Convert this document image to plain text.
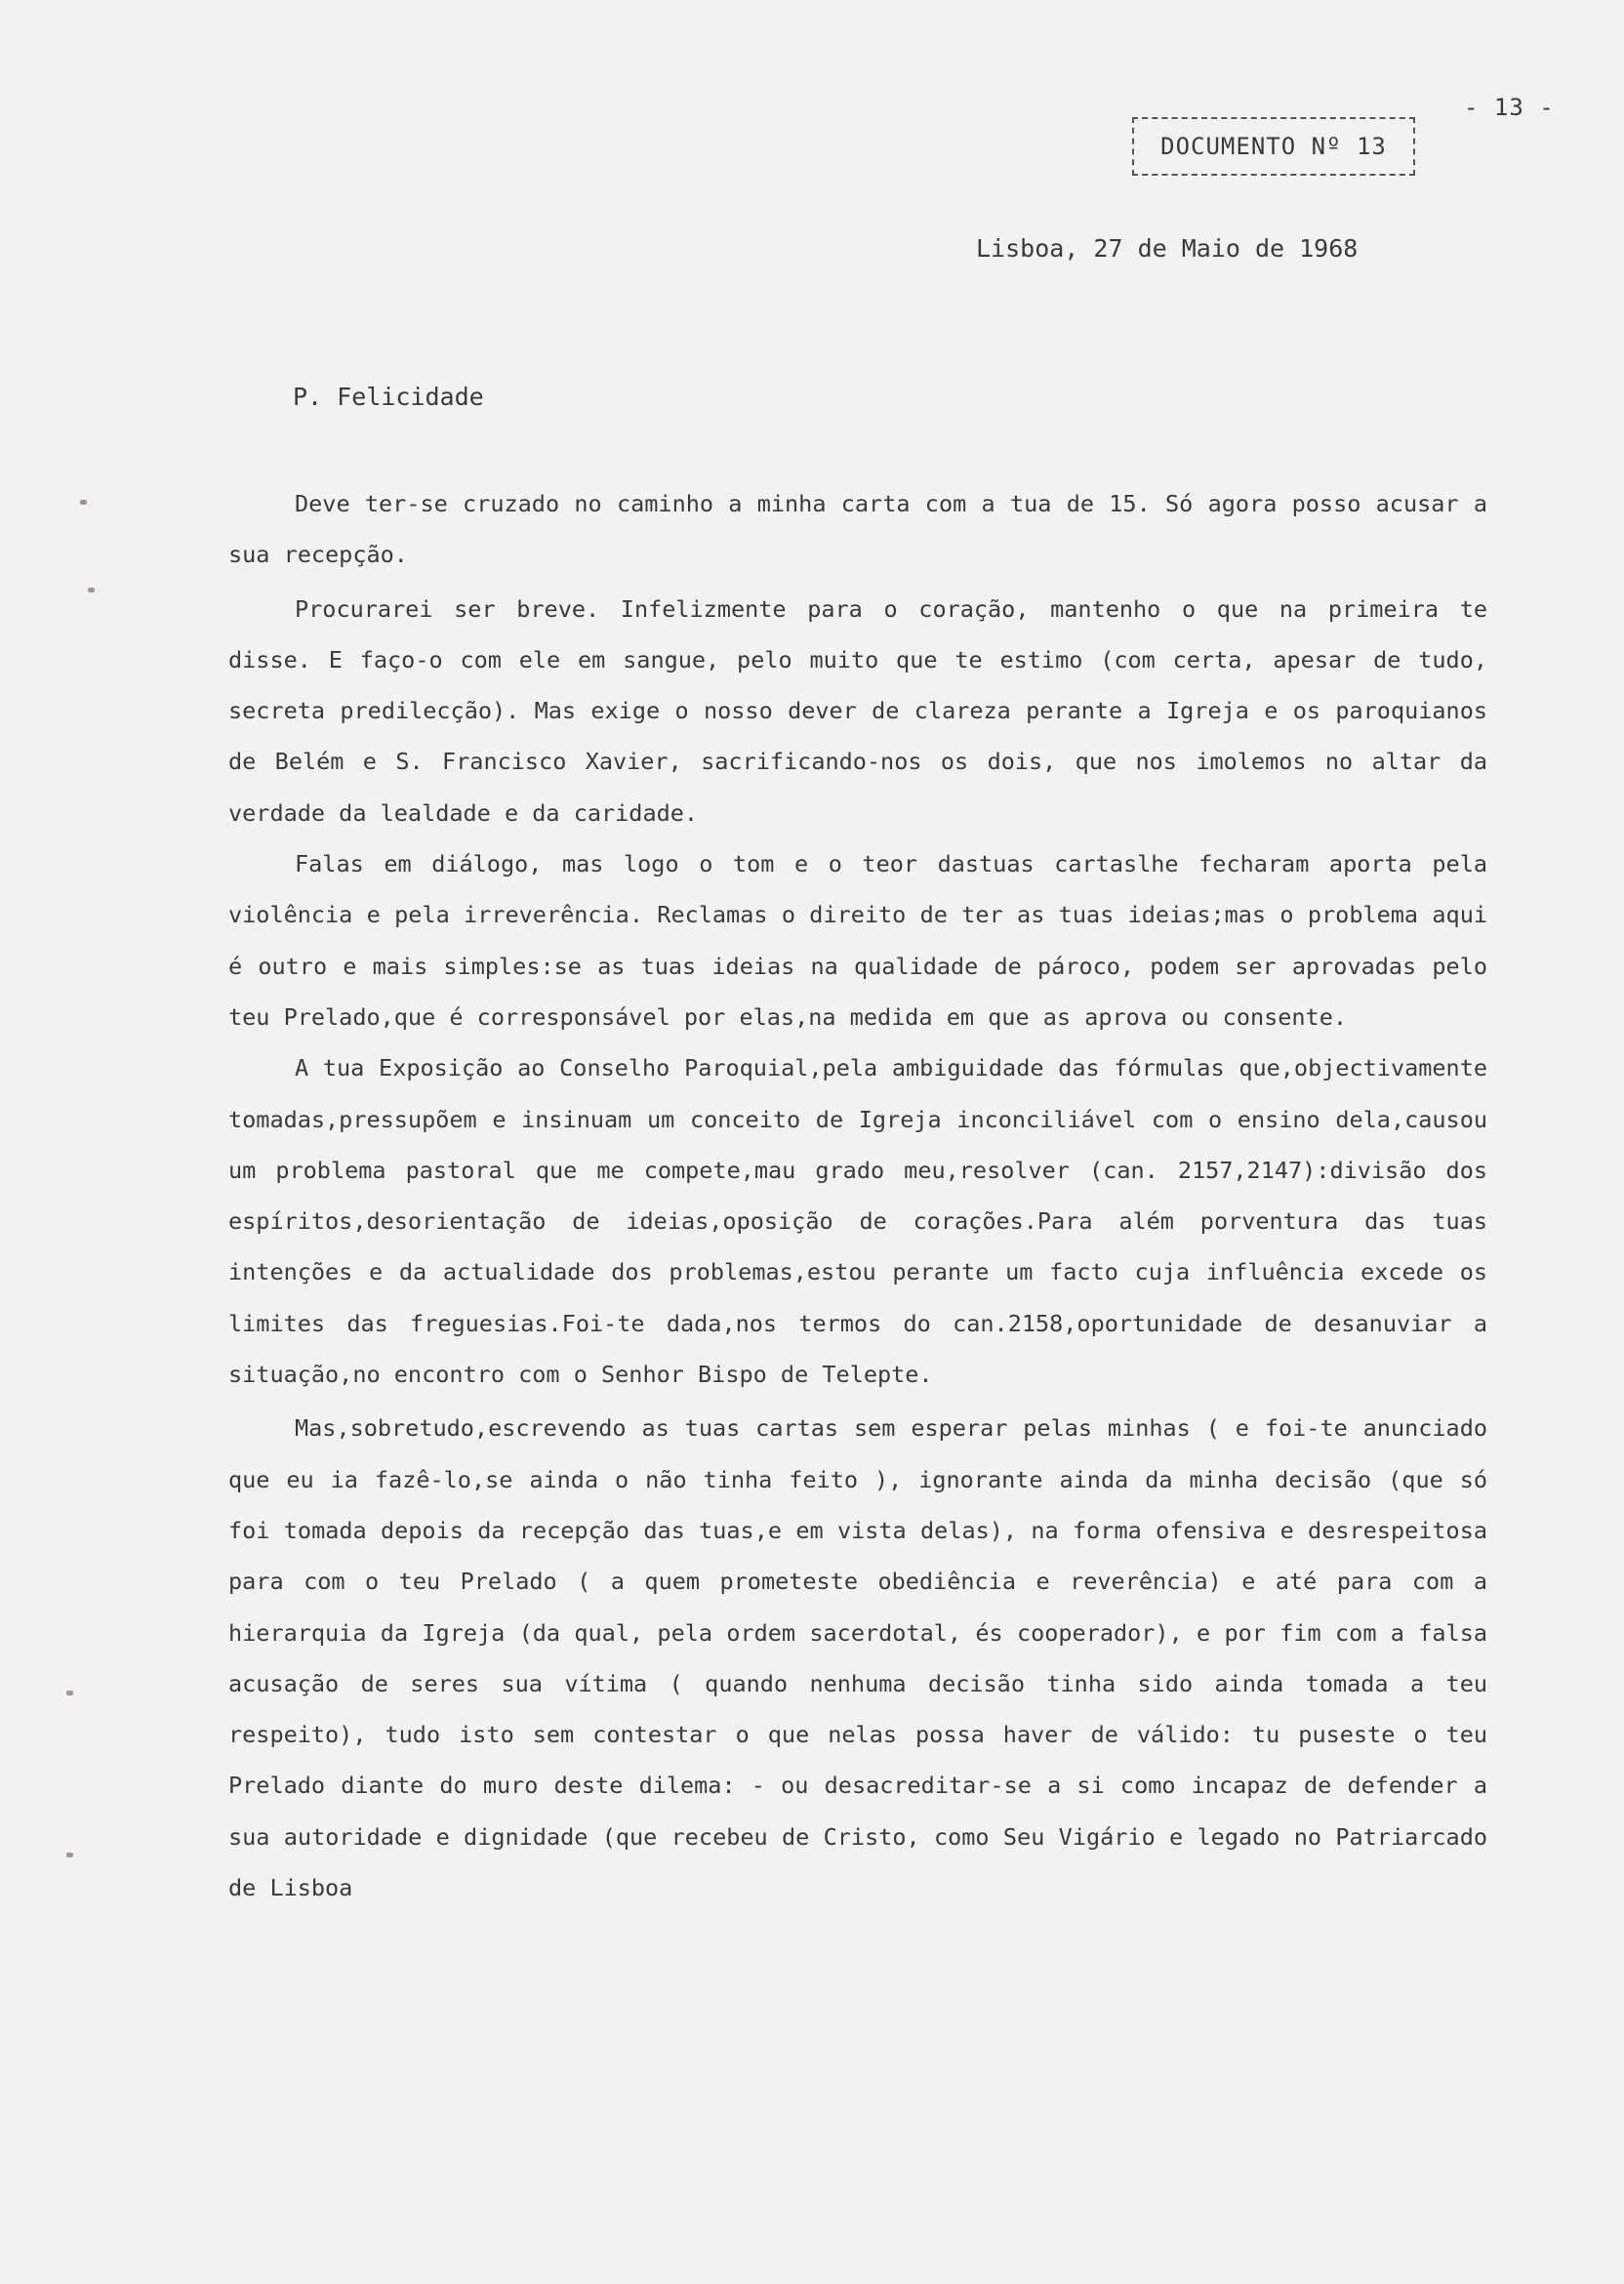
- 13 -
DOCUMENTO Nº 13
Lisboa, 27 de Maio de 1968
P. Felicidade

Deve ter-se cruzado no caminho a minha carta com a tua de 15. Só agora posso acusar a sua recepção.

Procurarei ser breve. Infelizmente para o coração, mantenho o que na primeira te disse. E faço-o com ele em sangue, pelo muito que te estimo (com certa, apesar de tudo, secreta predilecção). Mas exige o nosso dever de clareza perante a Igreja e os paroquianos de Belém e S. Francisco Xavier, sacrificando-nos os dois, que nos imolemos no altar da verdade da lealdade e da caridade.

Falas em diálogo, mas logo o tom e o teor dastuas cartaslhe fecharam aporta pela violência e pela irreverência. Reclamas o direito de ter as tuas ideias;mas o problema aqui é outro e mais simples:se as tuas ideias na qualidade de pároco, podem ser aprovadas pelo teu Prelado,que é corresponsável por elas,na medida em que as aprova ou consente.

A tua Exposição ao Conselho Paroquial,pela ambiguidade das fórmulas que,objectivamente tomadas,pressupõem e insinuam um conceito de Igreja inconciliável com o ensino dela,causou um problema pastoral que me compete,mau grado meu,resolver (can. 2157,2147):divisão dos espíritos,desorientação de ideias,oposição de corações.Para além porventura das tuas intenções e da actualidade dos problemas,estou perante um facto cuja influência excede os limites das freguesias.Foi-te dada,nos termos do can.2158,oportunidade de desanuviar a situação,no encontro com o Senhor Bispo de Telepte.

Mas,sobretudo,escrevendo as tuas cartas sem esperar pelas minhas ( e foi-te anunciado que eu ia fazê-lo,se ainda o não tinha feito ), ignorante ainda da minha decisão (que só foi tomada depois da recepção das tuas,e em vista delas), na forma ofensiva e desrespeitosa para com o teu Prelado ( a quem prometeste obediência e reverência) e até para com a hierarquia da Igreja (da qual, pela ordem sacerdotal, és cooperador), e por fim com a falsa acusação de seres sua vítima ( quando nenhuma decisão tinha sido ainda tomada a teu respeito), tudo isto sem contestar o que nelas possa haver de válido: tu puseste o teu Prelado diante do muro deste dilema: - ou desacreditar-se a si como incapaz de defender a sua autoridade e dignidade (que recebeu de Cristo, como Seu Vigário e legado no Patriarcado de Lisboa
